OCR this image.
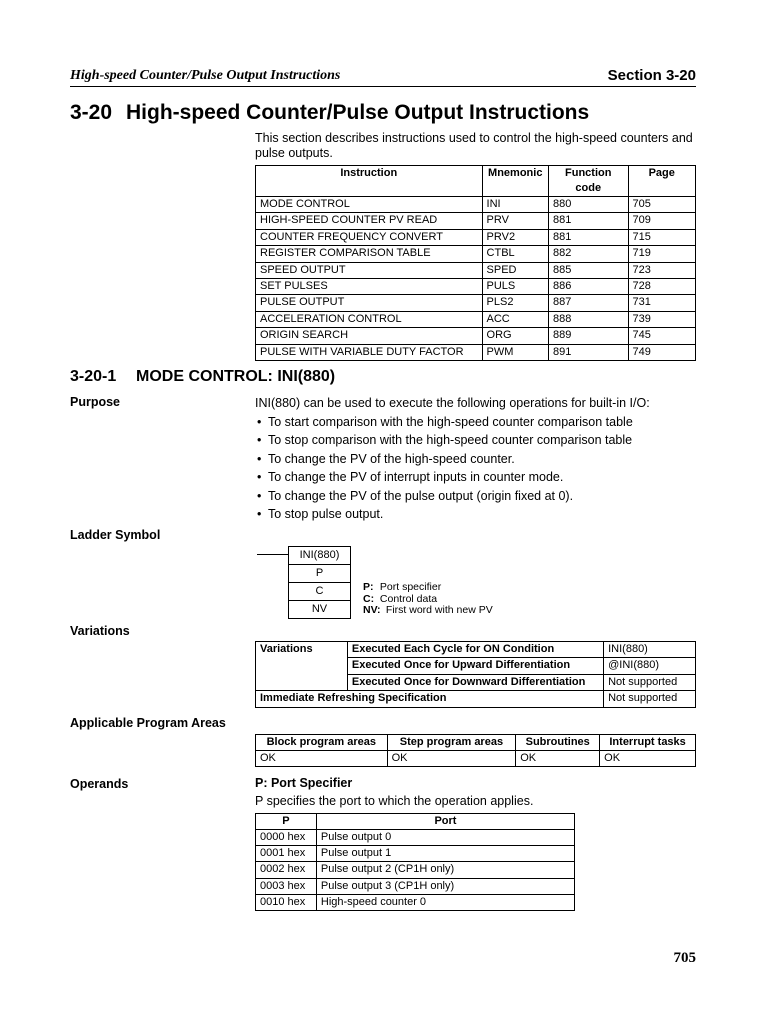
High-speed Counter/Pulse Output Instructions	Section 3-20
3-20 High-speed Counter/Pulse Output Instructions
This section describes instructions used to control the high-speed counters and pulse outputs.
Instruction	Mnemonic	Function code	Page
MODE CONTROL	INI	880	705
HIGH-SPEED COUNTER PV READ	PRV	881	709
COUNTER FREQUENCY CONVERT	PRV2	881	715
REGISTER COMPARISON TABLE	CTBL	882	719
SPEED OUTPUT	SPED	885	723
SET PULSES	PULS	886	728
PULSE OUTPUT	PLS2	887	731
ACCELERATION CONTROL	ACC	888	739
ORIGIN SEARCH	ORG	889	745
PULSE WITH VARIABLE DUTY FACTOR	PWM	891	749
3-20-1 MODE CONTROL: INI(880)
Purpose	INI(880) can be used to execute the following operations for built-in I/O:
• To start comparison with the high-speed counter comparison table
• To stop comparison with the high-speed counter comparison table
• To change the PV of the high-speed counter.
• To change the PV of interrupt inputs in counter mode.
• To change the PV of the pulse output (origin fixed at 0).
• To stop pulse output.
Ladder Symbol
INI(880)
P
C
NV
P: Port specifier
C: Control data
NV: First word with new PV
Variations
Variations	Executed Each Cycle for ON Condition	INI(880)
	Executed Once for Upward Differentiation	@INI(880)
	Executed Once for Downward Differentiation	Not supported
Immediate Refreshing Specification		Not supported
Applicable Program Areas
Block program areas	Step program areas	Subroutines	Interrupt tasks
OK	OK	OK	OK
Operands	P: Port Specifier
P specifies the port to which the operation applies.
P	Port
0000 hex	Pulse output 0
0001 hex	Pulse output 1
0002 hex	Pulse output 2 (CP1H only)
0003 hex	Pulse output 3 (CP1H only)
0010 hex	High-speed counter 0
705
